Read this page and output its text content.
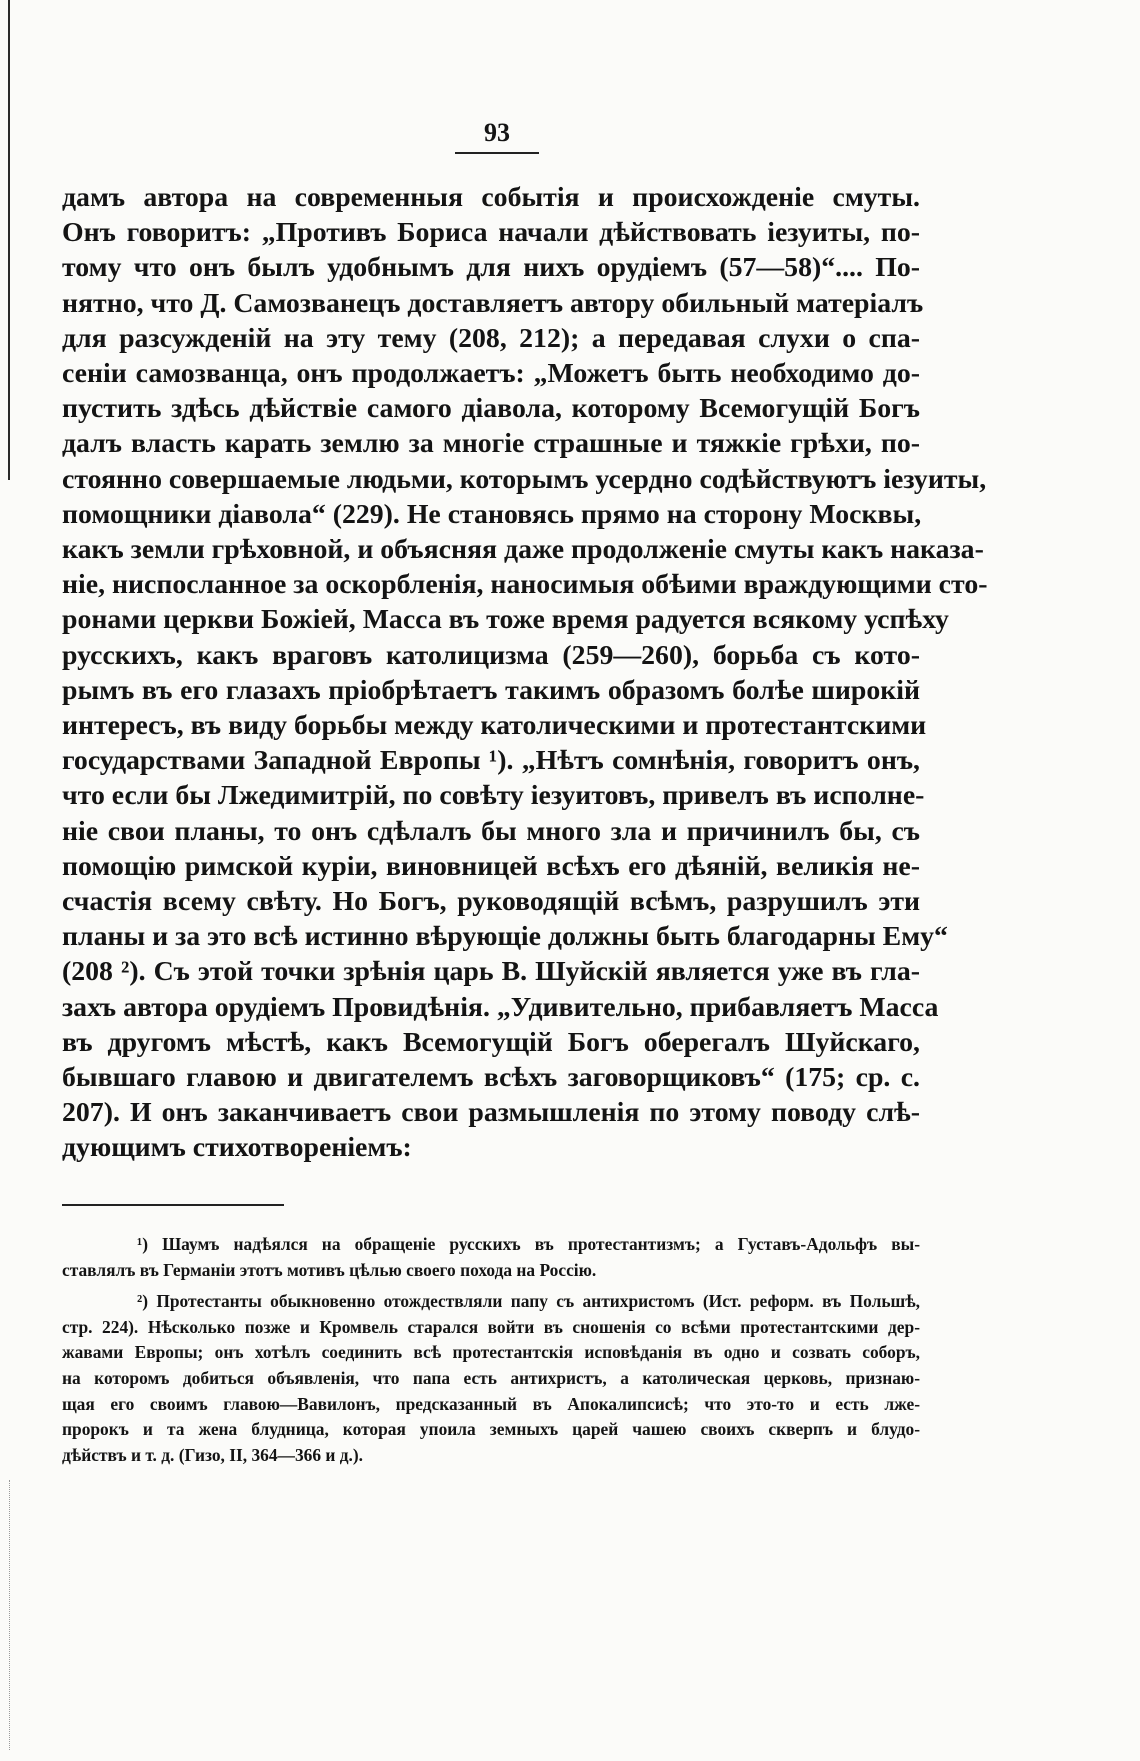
93
дамъ автора на современныя событія и происхожденіе смуты.
Онъ говоритъ: „Противъ Бориса начали дѣйствовать іезуиты, по-
тому что онъ былъ удобнымъ для нихъ орудіемъ (57—58)“.... По-
нятно, что Д. Самозванецъ доставляетъ автору обильный матеріалъ
для разсужденій на эту тему (208, 212); а передавая слухи о спа-
сеніи самозванца, онъ продолжаетъ: „Можетъ быть необходимо до-
пустить здѣсь дѣйствіе самого діавола, которому Всемогущій Богъ
далъ власть карать землю за многіе страшные и тяжкіе грѣхи, по-
стоянно совершаемые людьми, которымъ усердно содѣйствуютъ іезуиты,
помощники діавола“ (229). Не становясь прямо на сторону Москвы,
какъ земли грѣховной, и объясняя даже продолженіе смуты какъ наказа-
ніе, ниспосланное за оскорбленія, наносимыя обѣими враждующими сто-
ронами церкви Божіей, Масса въ тоже время радуется всякому успѣху
русскихъ, какъ враговъ католицизма (259—260), борьба съ кото-
рымъ въ его глазахъ пріобрѣтаетъ такимъ образомъ болѣе широкій
интересъ, въ виду борьбы между католическими и протестантскими
государствами Западной Европы ¹). „Нѣтъ сомнѣнія, говоритъ онъ,
что если бы Лжедимитрій, по совѣту іезуитовъ, привелъ въ исполне-
ніе свои планы, то онъ сдѣлалъ бы много зла и причинилъ бы, съ
помощію римской куріи, виновницей всѣхъ его дѣяній, великія не-
счастія всему свѣту. Но Богъ, руководящій всѣмъ, разрушилъ эти
планы и за это всѣ истинно вѣрующіе должны быть благодарны Ему“
(208 ²). Съ этой точки зрѣнія царь В. Шуйскій является уже въ гла-
захъ автора орудіемъ Провидѣнія. „Удивительно, прибавляетъ Масса
въ другомъ мѣстѣ, какъ Всемогущій Богъ оберегалъ Шуйскаго,
бывшаго главою и двигателемъ всѣхъ заговорщиковъ“ (175; ср. с.
207). И онъ заканчиваетъ свои размышленія по этому поводу слѣ-
дующимъ стихотвореніемъ:
¹) Шаумъ надѣялся на обращеніе русскихъ въ протестантизмъ; а Густавъ-Адольфъ вы-
ставлялъ въ Германіи этотъ мотивъ цѣлью своего похода на Россію.
²) Протестанты обыкновенно отождествляли папу съ антихристомъ (Ист. реформ. въ Польшѣ,
стр. 224). Нѣсколько позже и Кромвель старался войти въ сношенія со всѣми протестантскими дер-
жавами Европы; онъ хотѣлъ соединить всѣ протестантскія исповѣданія въ одно и созвать соборъ,
на которомъ добиться объявленія, что папа есть антихристъ, а католическая церковь, признаю-
щая его своимъ главою—Вавилонъ, предсказанный въ Апокалипсисѣ; что это-то и есть лже-
пророкъ и та жена блудница, которая упоила земныхъ царей чашею своихъ скверпъ и блудо-
дѣйствъ и т. д. (Гизо, II, 364—366 и д.).
